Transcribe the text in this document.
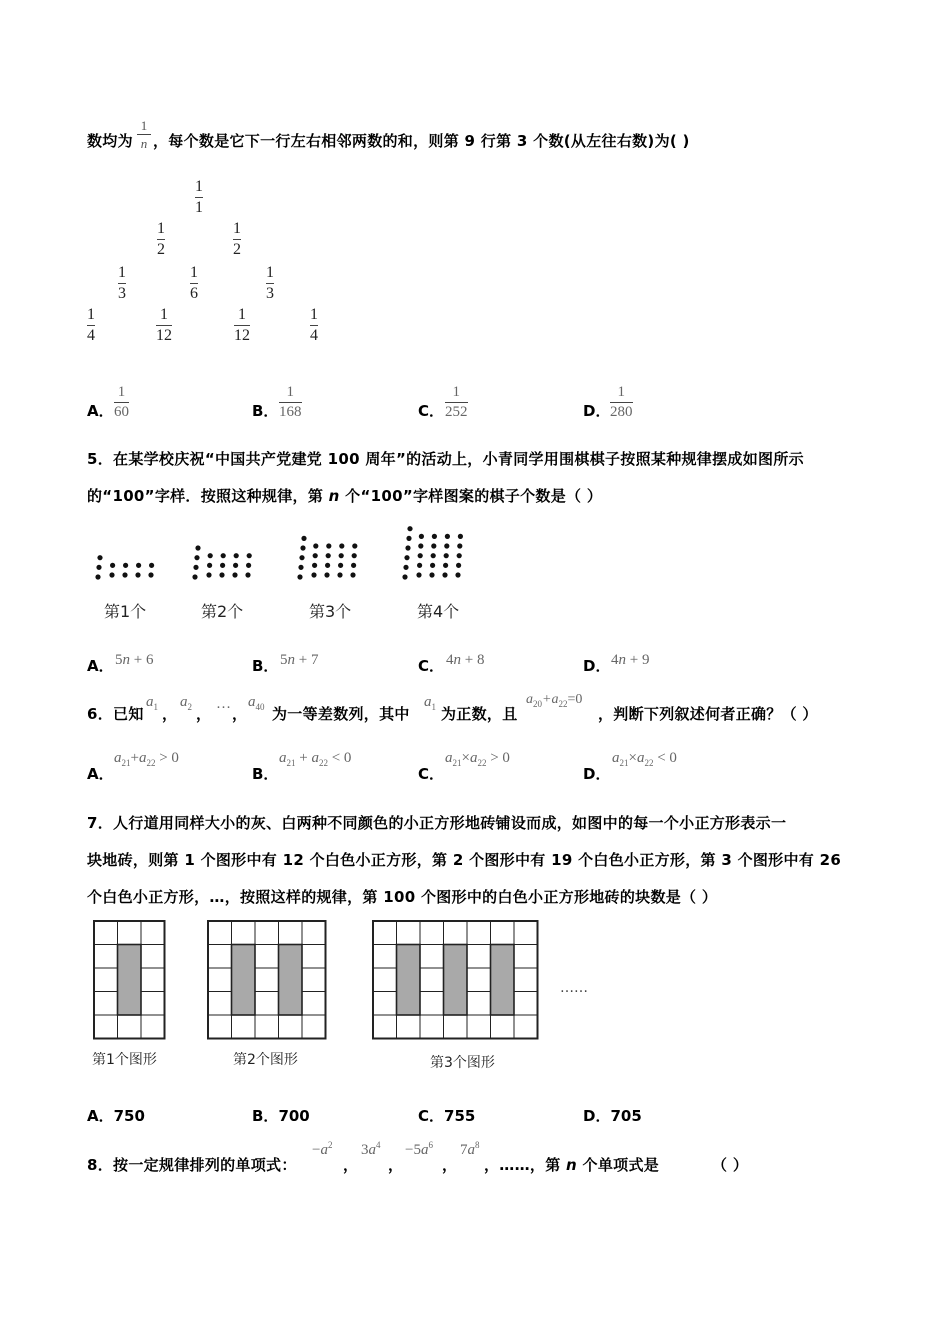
数均为
1
n ，每个数是它下一行左右相邻两数的和，则第 9 行第 3 个数(从左往右数)为( )
1
1
1
2
1
2
1
3
1
6
1
3
1
4
1
12
1
12
1
4
A．
1
60	B．
1
168	C．
1
252	D．
1
280
5．在某学校庆祝“中国共产党建党 100 周年”的活动上，小青同学用围棋棋子按照某种规律摆成如图所示
的“100”字样．按照这种规律，第 n 个“100”字样图案的棋子个数是（ ）
第1个	第2个	第3个	第4个
A． 5n + 6	B． 5n + 7	C． 4n + 8	D． 4n + 9
6．已知
$a_1$ ，
$a_2$ ，
…
，
$a_{40}$ 为一等差数列，其中
$a_1$ 为正数，且
$a_{20}+a_{22}=0$
，判断下列叙述何者正确？（ ）
A．
$a_{21}+a_{22} > 0$
B．
$a_{21} + a_{22} < 0$
C．
$a_{21}\times a_{22} > 0$
D．
$a_{21}\times a_{22} < 0$
7．人行道用同样大小的灰、白两种不同颜色的小正方形地砖铺设而成，如图中的每一个小正方形表示一
块地砖，则第 1 个图形中有 12 个白色小正方形，第 2 个图形中有 19 个白色小正方形，第 3 个图形中有 26
个白色小正方形，…，按照这样的规律，第 100 个图形中的白色小正方形地砖的块数是（ ）
……
第1个图形	第2个图形	第3个图形
A．750	B．700	C．755	D．705
8．按一定规律排列的单项式：
$-a^2$
，
$3a^4$
，
$-5a^6$
，
$7a^8$
，……，第 n 个单项式是	（ ）
